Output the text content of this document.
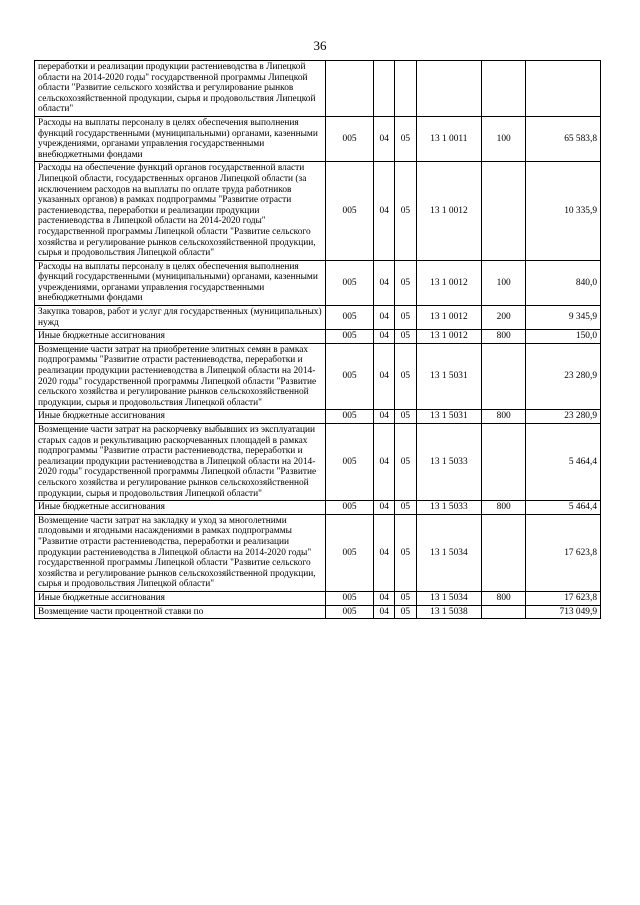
36
переработки и реализации продукции растениеводства в Липецкой области на 2014-2020 годы" государственной программы Липецкой области "Развитие сельского хозяйства и регулирование рынков сельскохозяйственной продукции, сырья и продовольствия Липецкой области"						
Расходы на выплаты персоналу в целях обеспечения выполнения функций государственными (муниципальными) органами, казенными учреждениями, органами управления государственными внебюджетными фондами	005	04	05	13 1 0011	100	65 583,8
Расходы на обеспечение функций органов государственной власти Липецкой области, государственных органов Липецкой области (за исключением расходов на выплаты по оплате труда работников указанных органов) в рамках подпрограммы "Развитие отрасти растениеводства, переработки и реализации продукции растениеводства в Липецкой области на 2014-2020 годы" государственной программы Липецкой области "Развитие сельского хозяйства и регулирование рынков сельскохозяйственной продукции, сырья и продовольствия Липецкой области"	005	04	05	13 1 0012		10 335,9
Расходы на выплаты персоналу в целях обеспечения выполнения функций государственными (муниципальными) органами, казенными учреждениями, органами управления государственными внебюджетными фондами	005	04	05	13 1 0012	100	840,0
Закупка товаров, работ и услуг для государственных (муниципальных) нужд	005	04	05	13 1 0012	200	9 345,9
Иные бюджетные ассигнования	005	04	05	13 1 0012	800	150,0
Возмещение части затрат на приобретение элитных семян в рамках подпрограммы "Развитие отрасти растениеводства, переработки и реализации продукции растениеводства в Липецкой области на 2014-2020 годы" государственной программы Липецкой области "Развитие сельского хозяйства и регулирование рынков сельскохозяйственной продукции, сырья и продовольствия Липецкой области"	005	04	05	13 1 5031		23 280,9
Иные бюджетные ассигнования	005	04	05	13 1 5031	800	23 280,9
Возмещение части затрат на раскорчевку выбывших из эксплуатации старых садов и рекультивацию раскорчеванных площадей в рамках подпрограммы "Развитие отрасти растениеводства, переработки и реализации продукции растениеводства в Липецкой области на 2014-2020 годы" государственной программы Липецкой области "Развитие сельского хозяйства и регулирование рынков сельскохозяйственной продукции, сырья и продовольствия Липецкой области"	005	04	05	13 1 5033		5 464,4
Иные бюджетные ассигнования	005	04	05	13 1 5033	800	5 464,4
Возмещение части затрат на закладку и уход за многолетними плодовыми и ягодными насаждениями в рамках подпрограммы "Развитие отрасти растениеводства, переработки и реализации продукции растениеводства в Липецкой области на 2014-2020 годы" государственной программы Липецкой области "Развитие сельского хозяйства и регулирование рынков сельскохозяйственной продукции, сырья и продовольствия Липецкой области"	005	04	05	13 1 5034		17 623,8
Иные бюджетные ассигнования	005	04	05	13 1 5034	800	17 623,8
Возмещение части процентной ставки по	005	04	05	13 1 5038		713 049,9
